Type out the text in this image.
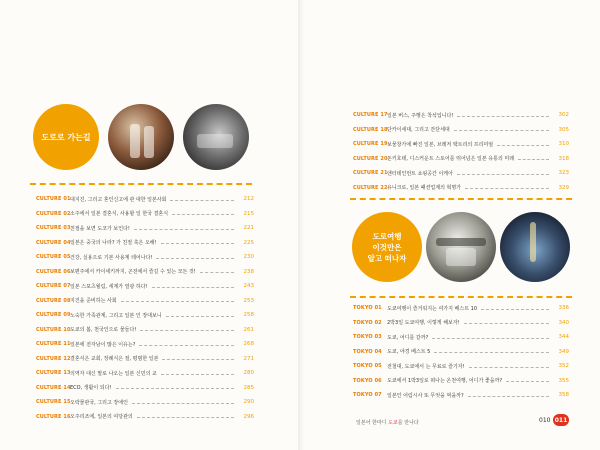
도로로 가는길
CULTURE 01 대지진, 그리고 혼인신고에 관 대한 일본사회	212
CULTURE 02 소주에서 일본 결혼식, 사용할 일 한국 결혼식	215
CULTURE 03 친절을 보면 도코가 보인다!	221
CULTURE 04 일본은 중국의 나라? 가 친절 혹은 오해!	225
CULTURE 05 건강, 실용으로 기본 사용계 테어나다!	230
CULTURE 06 보편주에서 카이세키까지, 곤전에서 즐길 수 있는 모든 것!	238
CULTURE 07 일본 스포츠월림, 세계가 열광 하다!	243
CULTURE 08 지진을 준비하는 사회	253
CULTURE 09 노숙한 가족관계, 그리고 일본 인 장대보니	258
CULTURE 10 도쿄의 봄, 천국인으로 물들다!	261
CULTURE 11 일본에 전자남이 많은 이유는?	268
CULTURE 12 결혼식은 교회, 장례식은 절, 평범한 일본	271
CULTURE 13 의역자 대신 말로 나오는 일본 신민의 교	280
CULTURE 14 ECO, 생활이 되다!	285
CULTURE 15 오락물관국, 그리고 장애인	290
CULTURE 16 오주리조에, 일본의 여당관의	296
CULTURE 17 일본 버스, 주행은 착석입니다!	302
CULTURE 18 단카이세대, 그리고 잔단세대	305
CULTURE 19 보물창가에 빠진 일본, 브레저 택트리의 프리미엄	310
CULTURE 20 돈키호테, 디스커운트 스토어를 뛰어넘은 일본 유통의 미래	318
CULTURE 21 엔터테인먼트 쇼핑공간 이케아	323
CULTURE 22 유니크로, 일본 패션업계의 혁명가	329
도로여행
이것만은
알고 떠나자
TOKYO 01	도쿄여행이 즐거워지는 여가지 베스트 10	336
TOKYO 02	2박3일 도쿄여행, 이렇게 해보자!	340
TOKYO 03	도쿄, 어디를 갈까?	344
TOKYO 04	도쿄, 야경 베스트 5	349
TOKYO 05	전철대, 도쿄에서 는 무료로 즐기자!	352
TOKYO 06	도쿄에서 1박3일로 떠나는 온천여행, 어디가 좋을까?	355
TOKYO 07	일본인 어림시사 또 무엇을 먹을까?	358
일본어 한마디 도쿄를 만나다	010 011
